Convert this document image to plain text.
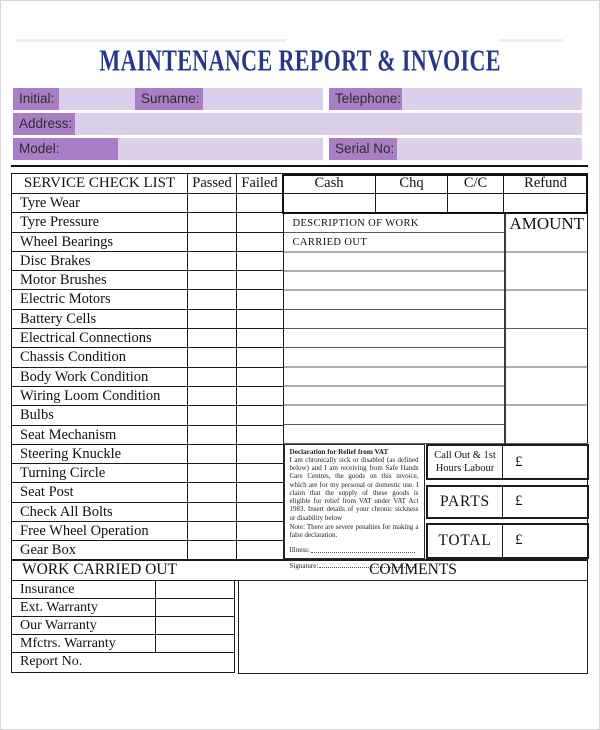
MAINTENANCE REPORT & INVOICE
Initial:	Surname:	Telephone:
Address:
Model:	Serial No:
SERVICE CHECK LIST	Passed Failed	Cash	Chq	C/C	Refund
Tyre Wear
Tyre Pressure
Wheel Bearings
Disc Brakes
Motor Brushes
Electric Motors
Battery Cells
Electrical Connections
Chassis Condition
Body Work Condition
Wiring Loom Condition
Bulbs
Seat Mechanism
Steering Knuckle
Turning Circle
Seat Post
Check All Bolts
Free Wheel Operation
Gear Box
DESCRIPTION OF WORK
CARRIED OUT
AMOUNT
Declaration for Relief from VAT
I am chronically sick or disabled (as defined below) and I am receiving from Safe Hands Care Centres, the goods on this invoice, which are for my personal or domestic use. I claim that the supply of these goods is eligible for relief from VAT under VAT Act 1983. Insert details of your chronic sickness or disability below
Note: There are severe penalties for making a false declaration.
Illness:
Signature:
Call Out & 1st Hours Labour	£
PARTS	£
TOTAL	£
WORK CARRIED OUT	COMMENTS
Insurance
Ext. Warranty
Our Warranty
Mfctrs. Warranty
Report No.
